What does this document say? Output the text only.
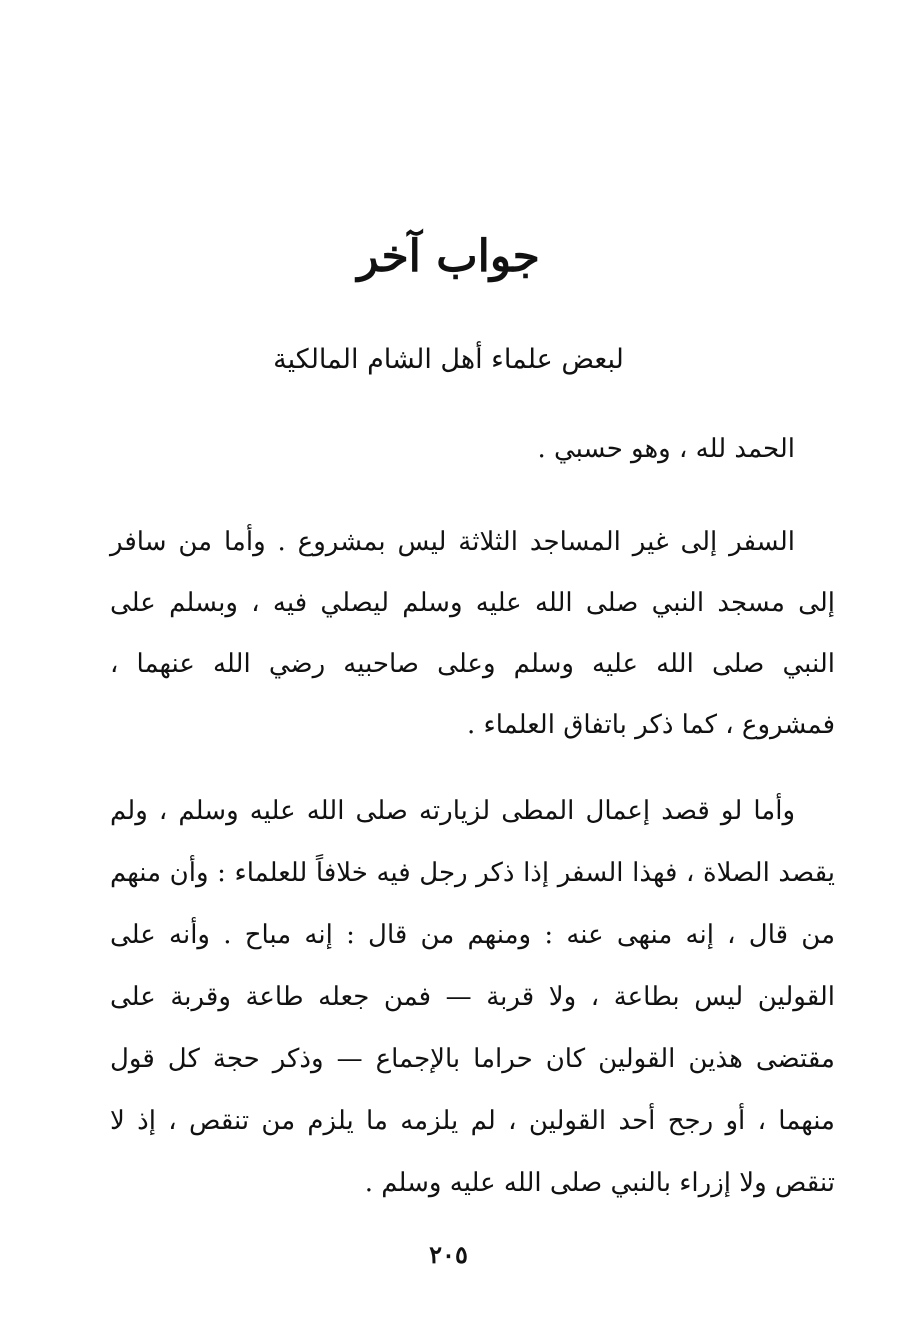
جواب آخر
لبعض علماء أهل الشام المالكية
الحمد لله ، وهو حسبي .
السفر إلى غير المساجد الثلاثة ليس بمشروع . وأما من سافر إلى مسجد النبي صلى الله عليه وسلم ليصلي فيه ، وبسلم على النبي صلى الله عليه وسلم وعلى صاحبيه رضي الله عنهما ، فمشروع ، كما ذكر باتفاق العلماء .
وأما لو قصد إعمال المطى لزيارته صلى الله عليه وسلم ، ولم يقصد الصلاة ، فهذا السفر إذا ذكر رجل فيه خلافاً للعلماء : وأن منهم من قال ، إنه منهى عنه : ومنهم من قال : إنه مباح . وأنه على القولين ليس بطاعة ، ولا قربة — فمن جعله طاعة وقربة على مقتضى هذين القولين كان حراما بالإجماع — وذكر حجة كل قول منهما ، أو رجح أحد القولين ، لم يلزمه ما يلزم من تنقص ، إذ لا تنقص ولا إزراء بالنبي صلى الله عليه وسلم .
٢٠٥
